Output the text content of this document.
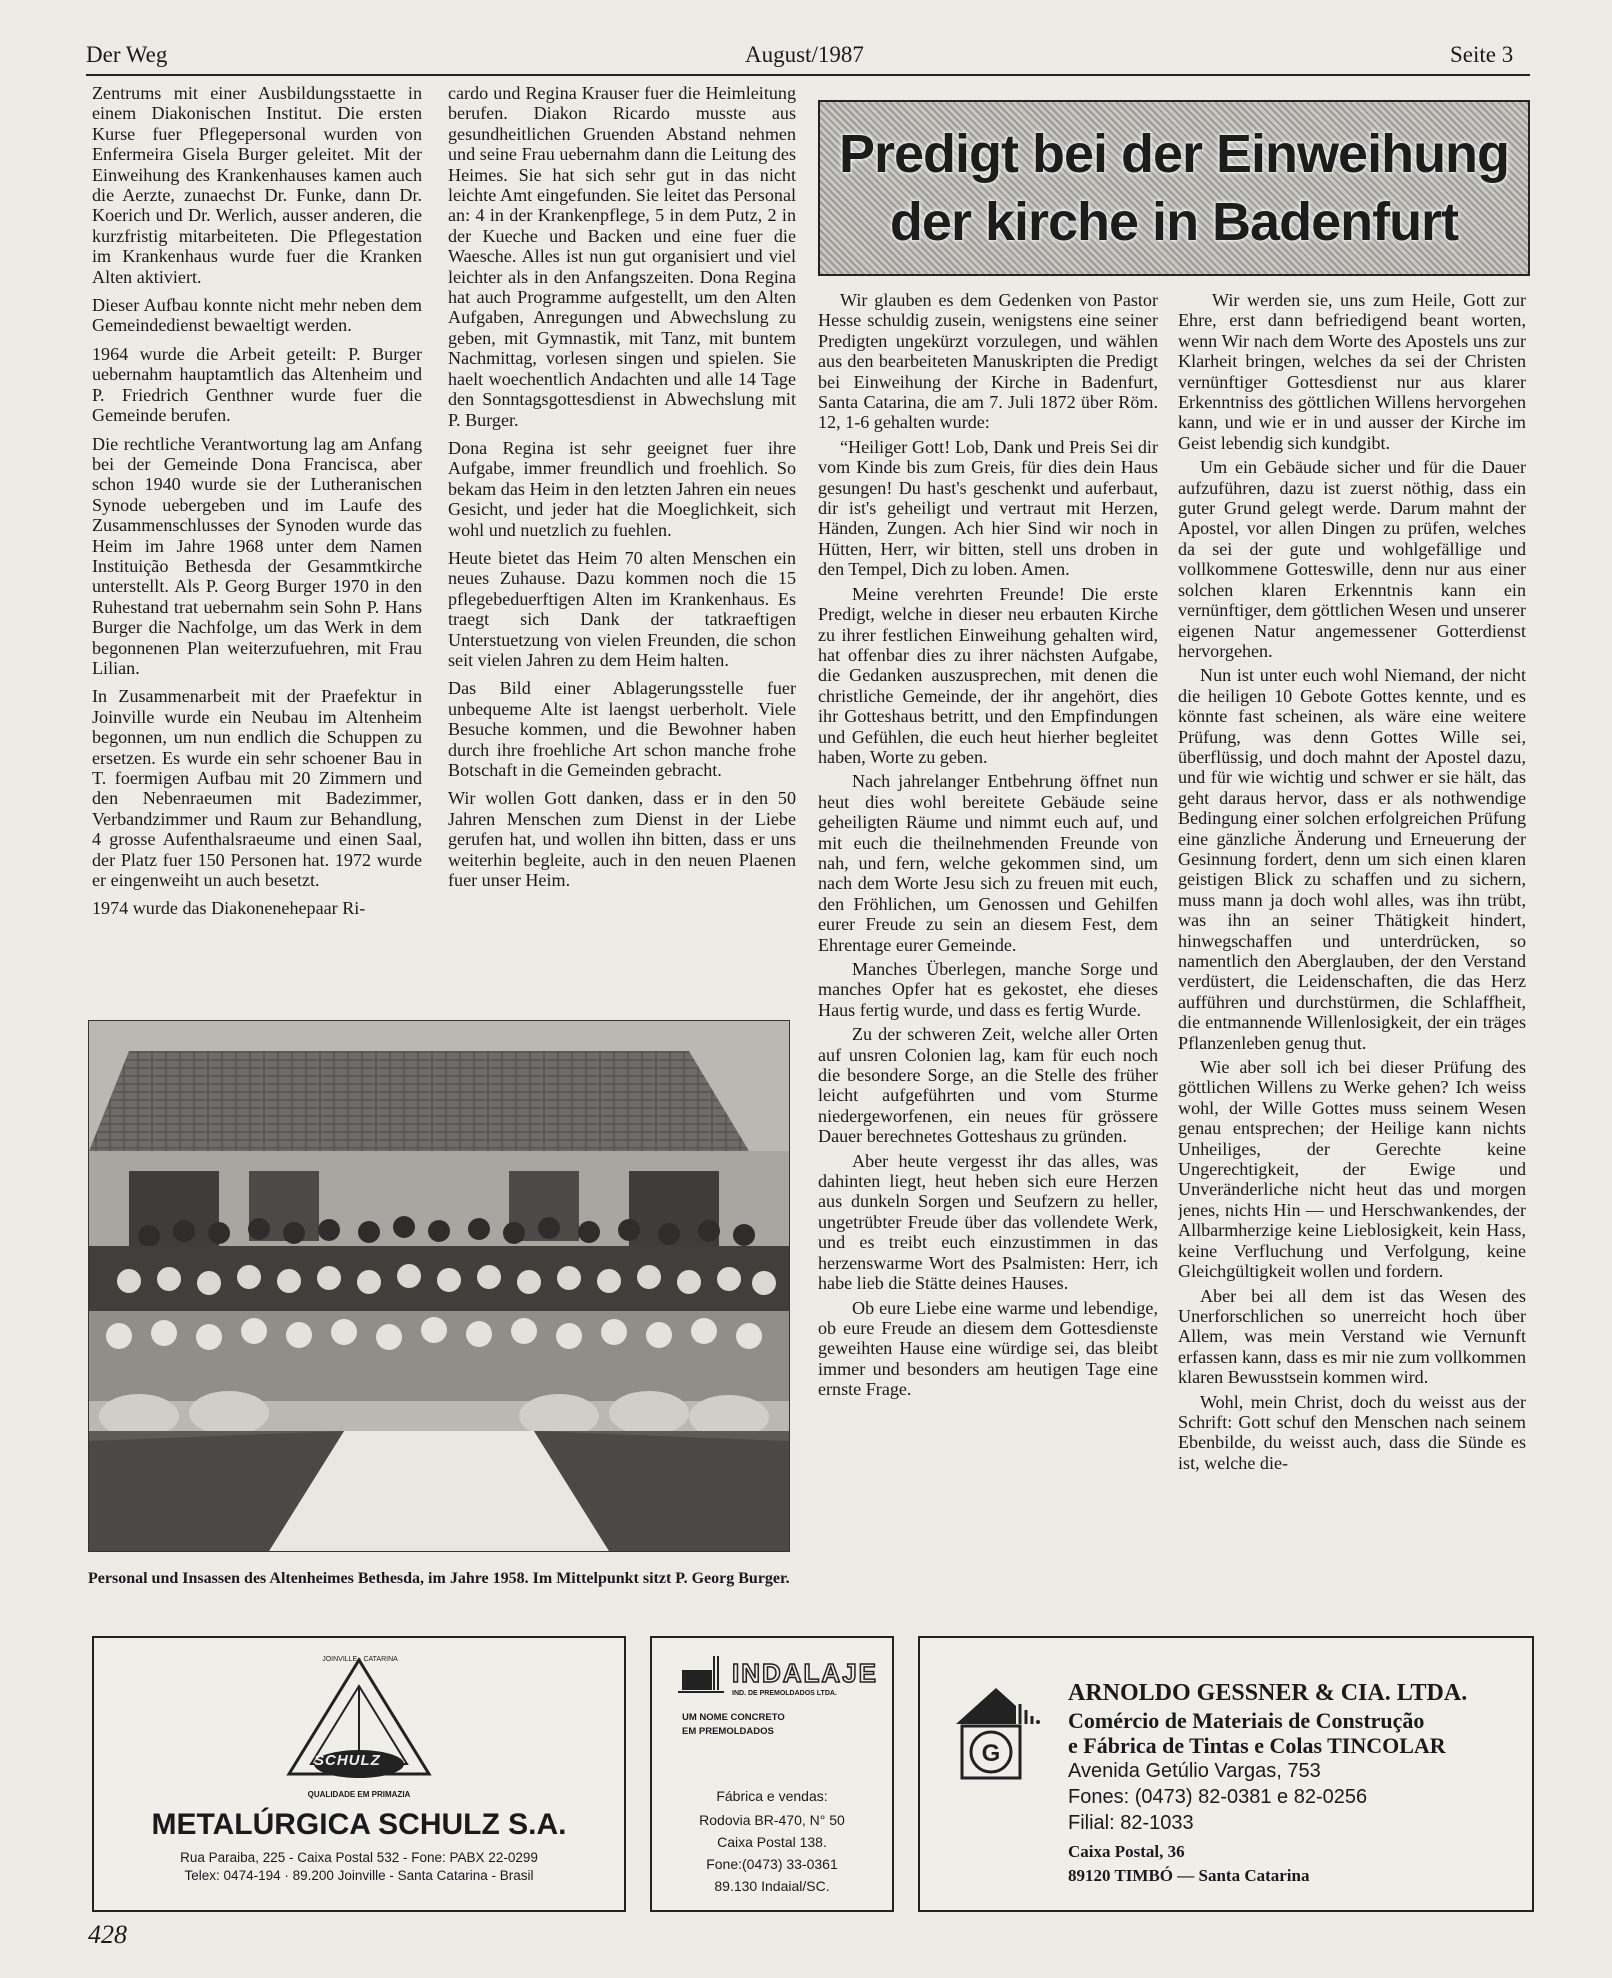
Der Weg	August/1987	Seite 3

Zentrums mit einer Ausbildungsstaette in einem Diakonischen Institut. Die ersten Kurse fuer Pflegepersonal wurden von Enfermeira Gisela Burger geleitet. Mit der Einweihung des Krankenhauses kamen auch die Aerzte, zunaechst Dr. Funke, dann Dr. Koerich und Dr. Werlich, ausser anderen, die kurzfristig mitarbeiteten. Die Pflegestation im Krankenhaus wurde fuer die Kranken Alten aktiviert.

Dieser Aufbau konnte nicht mehr neben dem Gemeindedienst bewaeltigt werden.

1964 wurde die Arbeit geteilt: P. Burger uebernahm hauptamtlich das Altenheim und P. Friedrich Genthner wurde fuer die Gemeinde berufen.

Die rechtliche Verantwortung lag am Anfang bei der Gemeinde Dona Francisca, aber schon 1940 wurde sie der Lutheranischen Synode uebergeben und im Laufe des Zusammenschlusses der Synoden wurde das Heim im Jahre 1968 unter dem Namen Instituição Bethesda der Gesammtkirche unterstellt. Als P. Georg Burger 1970 in den Ruhestand trat uebernahm sein Sohn P. Hans Burger die Nachfolge, um das Werk in dem begonnenen Plan weiterzufuehren, mit Frau Lilian.

In Zusammenarbeit mit der Praefektur in Joinville wurde ein Neubau im Altenheim begonnen, um nun endlich die Schuppen zu ersetzen. Es wurde ein sehr schoener Bau in T. foermigen Aufbau mit 20 Zimmern und den Nebenraeumen mit Badezimmer, Verbandzimmer und Raum zur Behandlung, 4 grosse Aufenthalsraeume und einen Saal, der Platz fuer 150 Personen hat. 1972 wurde er eingenweiht un auch besetzt.

1974 wurde das Diakonenehepaar Ri-

cardo und Regina Krauser fuer die Heimleitung berufen. Diakon Ricardo musste aus gesundheitlichen Gruenden Abstand nehmen und seine Frau uebernahm dann die Leitung des Heimes. Sie hat sich sehr gut in das nicht leichte Amt eingefunden. Sie leitet das Personal an: 4 in der Krankenpflege, 5 in dem Putz, 2 in der Kueche und Backen und eine fuer die Waesche. Alles ist nun gut organisiert und viel leichter als in den Anfangszeiten. Dona Regina hat auch Programme aufgestellt, um den Alten Aufgaben, Anregungen und Abwechslung zu geben, mit Gymnastik, mit Tanz, mit buntem Nachmittag, vorlesen singen und spielen. Sie haelt woechentlich Andachten und alle 14 Tage den Sonntagsgottesdienst in Abwechslung mit P. Burger.

Dona Regina ist sehr geeignet fuer ihre Aufgabe, immer freundlich und froehlich. So bekam das Heim in den letzten Jahren ein neues Gesicht, und jeder hat die Moeglichkeit, sich wohl und nuetzlich zu fuehlen.

Heute bietet das Heim 70 alten Menschen ein neues Zuhause. Dazu kommen noch die 15 pflegebeduerftigen Alten im Krankenhaus. Es traegt sich Dank der tatkraeftigen Unterstuetzung von vielen Freunden, die schon seit vielen Jahren zu dem Heim halten.

Das Bild einer Ablagerungsstelle fuer unbequeme Alte ist laengst uerberholt. Viele Besuche kommen, und die Bewohner haben durch ihre froehliche Art schon manche frohe Botschaft in die Gemeinden gebracht.

Wir wollen Gott danken, dass er in den 50 Jahren Menschen zum Dienst in der Liebe gerufen hat, und wollen ihn bitten, dass er uns weiterhin begleite, auch in den neuen Plaenen fuer unser Heim.

Predigt bei der Einweihung
der kirche in Badenfurt

Wir glauben es dem Gedenken von Pastor Hesse schuldig zusein, wenigstens eine seiner Predigten ungekürzt vorzulegen, und wählen aus den bearbeiteten Manuskripten die Predigt bei Einweihung der Kirche in Badenfurt, Santa Catarina, die am 7. Juli 1872 über Röm. 12, 1-6 gehalten wurde:

“Heiliger Gott! Lob, Dank und Preis Sei dir vom Kinde bis zum Greis, für dies dein Haus gesungen! Du hast's geschenkt und auferbaut, dir ist's geheiligt und vertraut mit Herzen, Händen, Zungen. Ach hier Sind wir noch in Hütten, Herr, wir bitten, stell uns droben in den Tempel, Dich zu loben. Amen.

Meine verehrten Freunde! Die erste Predigt, welche in dieser neu erbauten Kirche zu ihrer festlichen Einweihung gehalten wird, hat offenbar dies zu ihrer nächsten Aufgabe, die Gedanken auszusprechen, mit denen die christliche Gemeinde, der ihr angehört, dies ihr Gotteshaus betritt, und den Empfindungen und Gefühlen, die euch heut hierher begleitet haben, Worte zu geben.

Nach jahrelanger Entbehrung öffnet nun heut dies wohl bereitete Gebäude seine geheiligten Räume und nimmt euch auf, und mit euch die theilnehmenden Freunde von nah, und fern, welche gekommen sind, um nach dem Worte Jesu sich zu freuen mit euch, den Fröhlichen, um Genossen und Gehilfen eurer Freude zu sein an diesem Fest, dem Ehrentage eurer Gemeinde.

Manches Überlegen, manche Sorge und manches Opfer hat es gekostet, ehe dieses Haus fertig wurde, und dass es fertig Wurde.

Zu der schweren Zeit, welche aller Orten auf unsren Colonien lag, kam für euch noch die besondere Sorge, an die Stelle des früher leicht aufgeführten und vom Sturme niedergeworfenen, ein neues für grössere Dauer berechnetes Gotteshaus zu gründen.

Aber heute vergesst ihr das alles, was dahinten liegt, heut heben sich eure Herzen aus dunkeln Sorgen und Seufzern zu heller, ungetrübter Freude über das vollendete Werk, und es treibt euch einzustimmen in das herzenswarme Wort des Psalmisten: Herr, ich habe lieb die Stätte deines Hauses.

Ob eure Liebe eine warme und lebendige, ob eure Freude an diesem dem Gottesdienste geweihten Hause eine würdige sei, das bleibt immer und besonders am heutigen Tage eine ernste Frage.

Wir werden sie, uns zum Heile, Gott zur Ehre, erst dann befriedigend beant worten, wenn Wir nach dem Worte des Apostels uns zur Klarheit bringen, welches da sei der Christen vernünftiger Gottesdienst nur aus klarer Erkenntniss des göttlichen Willens hervorgehen kann, und wie er in und ausser der Kirche im Geist lebendig sich kundgibt.

Um ein Gebäude sicher und für die Dauer aufzuführen, dazu ist zuerst nöthig, dass ein guter Grund gelegt werde. Darum mahnt der Apostel, vor allen Dingen zu prüfen, welches da sei der gute und wohlgefällige und vollkommene Gotteswille, denn nur aus einer solchen klaren Erkenntnis kann ein vernünftiger, dem göttlichen Wesen und unserer eigenen Natur angemessener Gotterdienst hervorgehen.

Nun ist unter euch wohl Niemand, der nicht die heiligen 10 Gebote Gottes kennte, und es könnte fast scheinen, als wäre eine weitere Prüfung, was denn Gottes Wille sei, überflüssig, und doch mahnt der Apostel dazu, und für wie wichtig und schwer er sie hält, das geht daraus hervor, dass er als nothwendige Bedingung einer solchen erfolgreichen Prüfung eine gänzliche Änderung und Erneuerung der Gesinnung fordert, denn um sich einen klaren geistigen Blick zu schaffen und zu sichern, muss mann ja doch wohl alles, was ihn trübt, was ihn an seiner Thätigkeit hindert, hinwegschaffen und unterdrücken, so namentlich den Aberglauben, der den Verstand verdüstert, die Leidenschaften, die das Herz aufführen und durchstürmen, die Schlaffheit, die entmannende Willenlosigkeit, der ein träges Pflanzenleben genug thut.

Wie aber soll ich bei dieser Prüfung des göttlichen Willens zu Werke gehen? Ich weiss wohl, der Wille Gottes muss seinem Wesen genau entsprechen; der Heilige kann nichts Unheiliges, der Gerechte keine Ungerechtigkeit, der Ewige und Unveränderliche nicht heut das und morgen jenes, nichts Hin — und Herschwankendes, der Allbarmherzige keine Lieblosigkeit, kein Hass, keine Verfluchung und Verfolgung, keine Gleichgültigkeit wollen und fordern.

Aber bei all dem ist das Wesen des Unerforschlichen so unerreicht hoch über Allem, was mein Verstand wie Vernunft erfassen kann, dass es mir nie zum vollkommen klaren Bewusstsein kommen wird.

Wohl, mein Christ, doch du weisst aus der Schrift: Gott schuf den Menschen nach seinem Ebenbilde, du weisst auch, dass die Sünde es ist, welche die-

Personal und Insassen des Altenheimes Bethesda, im Jahre 1958. Im Mittelpunkt sitzt P. Georg Burger.
SCHULZ
JOINVILLE · CATARINA
QUALIDADE EM PRIMAZIA
METALÚRGICA SCHULZ S.A.
Rua Paraiba, 225 - Caixa Postal 532 - Fone: PABX 22-0299
Telex: 0474-194 · 89.200 Joinville - Santa Catarina - Brasil
INDALAJE
IND. DE PREMOLDADOS LTDA.
UM NOME CONCRETO
EM PREMOLDADOS
Fábrica e vendas:
Rodovia BR-470, N° 50
Caixa Postal 138.
Fone:(0473) 33-0361
89.130 Indaial/SC.
G
ARNOLDO GESSNER & CIA. LTDA.
Comércio de Materiais de Construção
e Fábrica de Tintas e Colas TINCOLAR
Avenida Getúlio Vargas, 753
Fones: (0473) 82-0381 e 82-0256
Filial: 82-1033
Caixa Postal, 36
89120 TIMBÓ — Santa Catarina
428
